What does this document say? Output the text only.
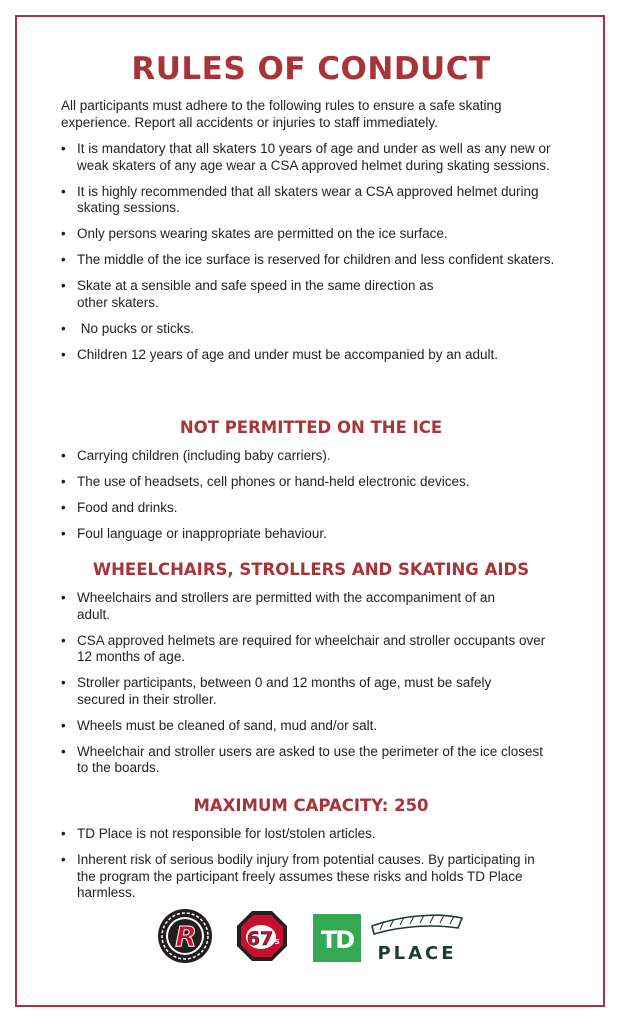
RULES OF CONDUCT

All participants must adhere to the following rules to ensure a safe skating experience. Report all accidents or injuries to staff immediately.

• It is mandatory that all skaters 10 years of age and under as well as any new or weak skaters of any age wear a CSA approved helmet during skating sessions.
• It is highly recommended that all skaters wear a CSA approved helmet during skating sessions.
• Only persons wearing skates are permitted on the ice surface.
• The middle of the ice surface is reserved for children and less confident skaters.
• Skate at a sensible and safe speed in the same direction as other skaters.
•  No pucks or sticks.
• Children 12 years of age and under must be accompanied by an adult.
NOT PERMITTED ON THE ICE
• Carrying children (including baby carriers).
• The use of headsets, cell phones or hand-held electronic devices.
• Food and drinks.
• Foul language or inappropriate behaviour.
WHEELCHAIRS, STROLLERS AND SKATING AIDS
• Wheelchairs and strollers are permitted with the accompaniment of an adult.
• CSA approved helmets are required for wheelchair and stroller occupants over 12 months of age.
• Stroller participants, between 0 and 12 months of age, must be safely secured in their stroller.
• Wheels must be cleaned of sand, mud and/or salt.
• Wheelchair and stroller users are asked to use the perimeter of the ice closest to the boards.
MAXIMUM CAPACITY: 250
• TD Place is not responsible for lost/stolen articles.
• Inherent risk of serious bodily injury from potential causes. By participating in the program the participant freely assumes these risks and holds TD Place harmless.
R	67 s TD PLACE
